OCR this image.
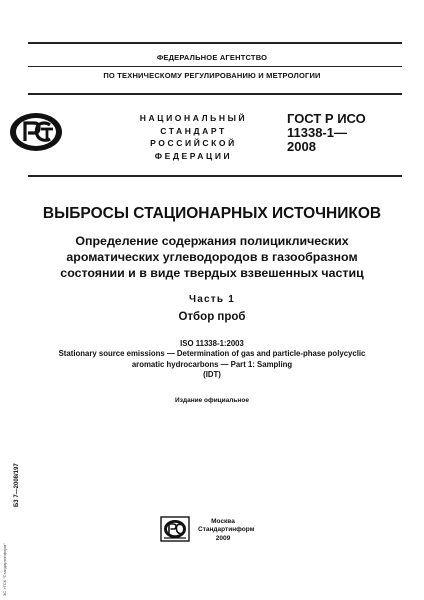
ФЕДЕРАЛЬНОЕ АГЕНТСТВО
ПО ТЕХНИЧЕСКОМУ РЕГУЛИРОВАНИЮ И МЕТРОЛОГИИ
НАЦИОНАЛЬНЫЙ
СТАНДАРТ
РОССИЙСКОЙ
ФЕДЕРАЦИИ
ГОСТ Р ИСО
11338-1—
2008
ВЫБРОСЫ СТАЦИОНАРНЫХ ИСТОЧНИКОВ
Определение содержания полициклических
ароматических углеводородов в газообразном
состоянии и в виде твердых взвешенных частиц
Часть 1
Отбор проб
ISO 11338-1:2003
Stationary source emissions — Determination of gas and particle-phase polycyclic
aromatic hydrocarbons — Part 1: Sampling
(IDT)
Издание официальное
Б3 7—2008/197
ЗС УГСК "Стандартинформ"
Москва
Стандартинформ
2009
